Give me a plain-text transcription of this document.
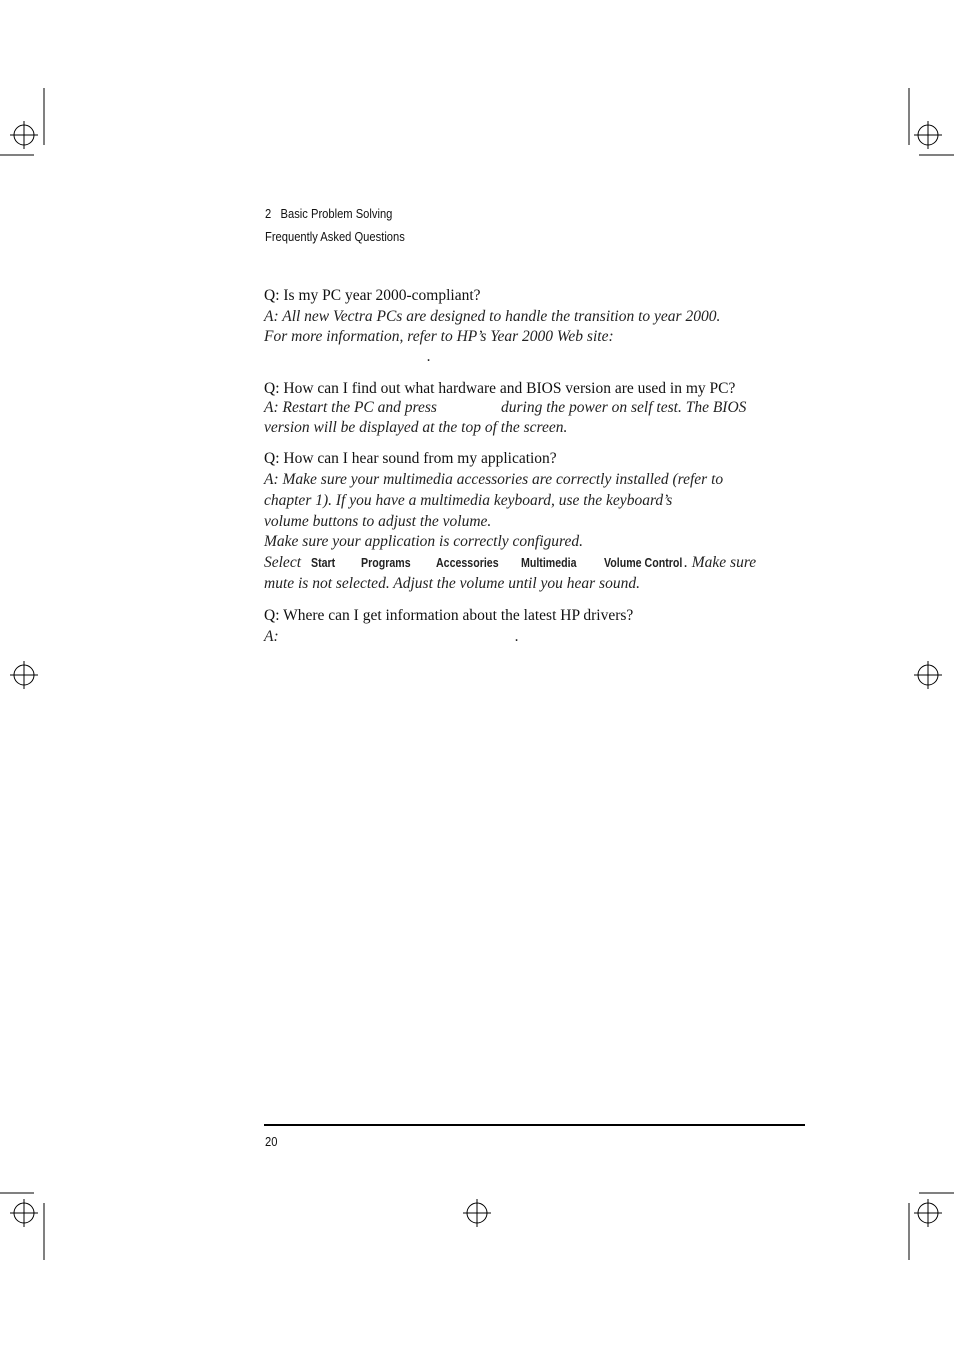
2 Basic Problem Solving
Frequently Asked Questions
Q: Is my PC year 2000-compliant?
A: All new Vectra PCs are designed to handle the transition to year 2000.
For more information, refer to HP’s Year 2000 Web site:
.
Q: How can I find out what hardware and BIOS version are used in my PC?
A: Restart the PC and press	during the power on self test. The BIOS
version will be displayed at the top of the screen.
Q: How can I hear sound from my application?
A: Make sure your multimedia accessories are correctly installed (refer to
chapter 1). If you have a multimedia keyboard, use the keyboard’s
volume buttons to adjust the volume.
Make sure your application is correctly configured.
Select Start	Programs	Accessories	Multimedia	Volume Control . Make sure
mute is not selected. Adjust the volume until you hear sound.
Q: Where can I get information about the latest HP drivers?
A:	.
20
